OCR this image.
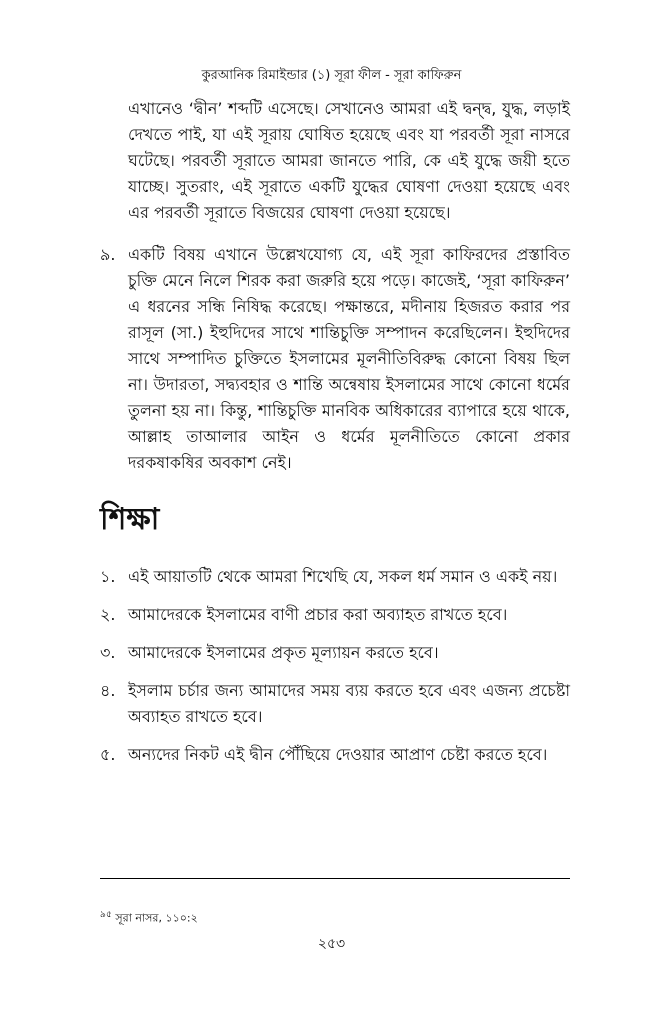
কুরআনিক রিমাইন্ডার (১) সূরা ফীল - সূরা কাফিরুন

এখানেও ‘দ্বীন’ শব্দটি এসেছে। সেখানেও আমরা এই দ্বন্দ্ব, যুদ্ধ, লড়াই দেখতে পাই, যা এই সূরায় ঘোষিত হয়েছে এবং যা পরবর্তী সূরা নাসরে ঘটেছে। পরবর্তী সূরাতে আমরা জানতে পারি, কে এই যুদ্ধে জয়ী হতে যাচ্ছে। সুতরাং, এই সূরাতে একটি যুদ্ধের ঘোষণা দেওয়া হয়েছে এবং এর পরবর্তী সূরাতে বিজয়ের ঘোষণা দেওয়া হয়েছে।

৯. একটি বিষয় এখানে উল্লেখযোগ্য যে, এই সূরা কাফিরদের প্রস্তাবিত চুক্তি মেনে নিলে শিরক করা জরুরি হয়ে পড়ে। কাজেই, ‘সূরা কাফিরুন’ এ ধরনের সন্ধি নিষিদ্ধ করেছে। পক্ষান্তরে, মদীনায় হিজরত করার পর রাসূল (সা.) ইহুদিদের সাথে শান্তিচুক্তি সম্পাদন করেছিলেন। ইহুদিদের সাথে সম্পাদিত চুক্তিতে ইসলামের মূলনীতিবিরুদ্ধ কোনো বিষয় ছিল না। উদারতা, সদ্ব্যবহার ও শান্তি অন্বেষায় ইসলামের সাথে কোনো ধর্মের তুলনা হয় না। কিন্তু, শান্তিচুক্তি মানবিক অধিকারের ব্যাপারে হয়ে থাকে, আল্লাহ তাআলার আইন ও ধর্মের মূলনীতিতে কোনো প্রকার দরকষাকষির অবকাশ নেই।
শিক্ষা
১. এই আয়াতটি থেকে আমরা শিখেছি যে, সকল ধর্ম সমান ও একই নয়।
২. আমাদেরকে ইসলামের বাণী প্রচার করা অব্যাহত রাখতে হবে।
৩. আমাদেরকে ইসলামের প্রকৃত মূল্যায়ন করতে হবে।
৪. ইসলাম চর্চার জন্য আমাদের সময় ব্যয় করতে হবে এবং এজন্য প্রচেষ্টা অব্যাহত রাখতে হবে।
৫. অন্যদের নিকট এই দ্বীন পৌঁছিয়ে দেওয়ার আপ্রাণ চেষ্টা করতে হবে।
$^{৯৫}$ সূরা নাসর, ১১০:২
২৫৩
